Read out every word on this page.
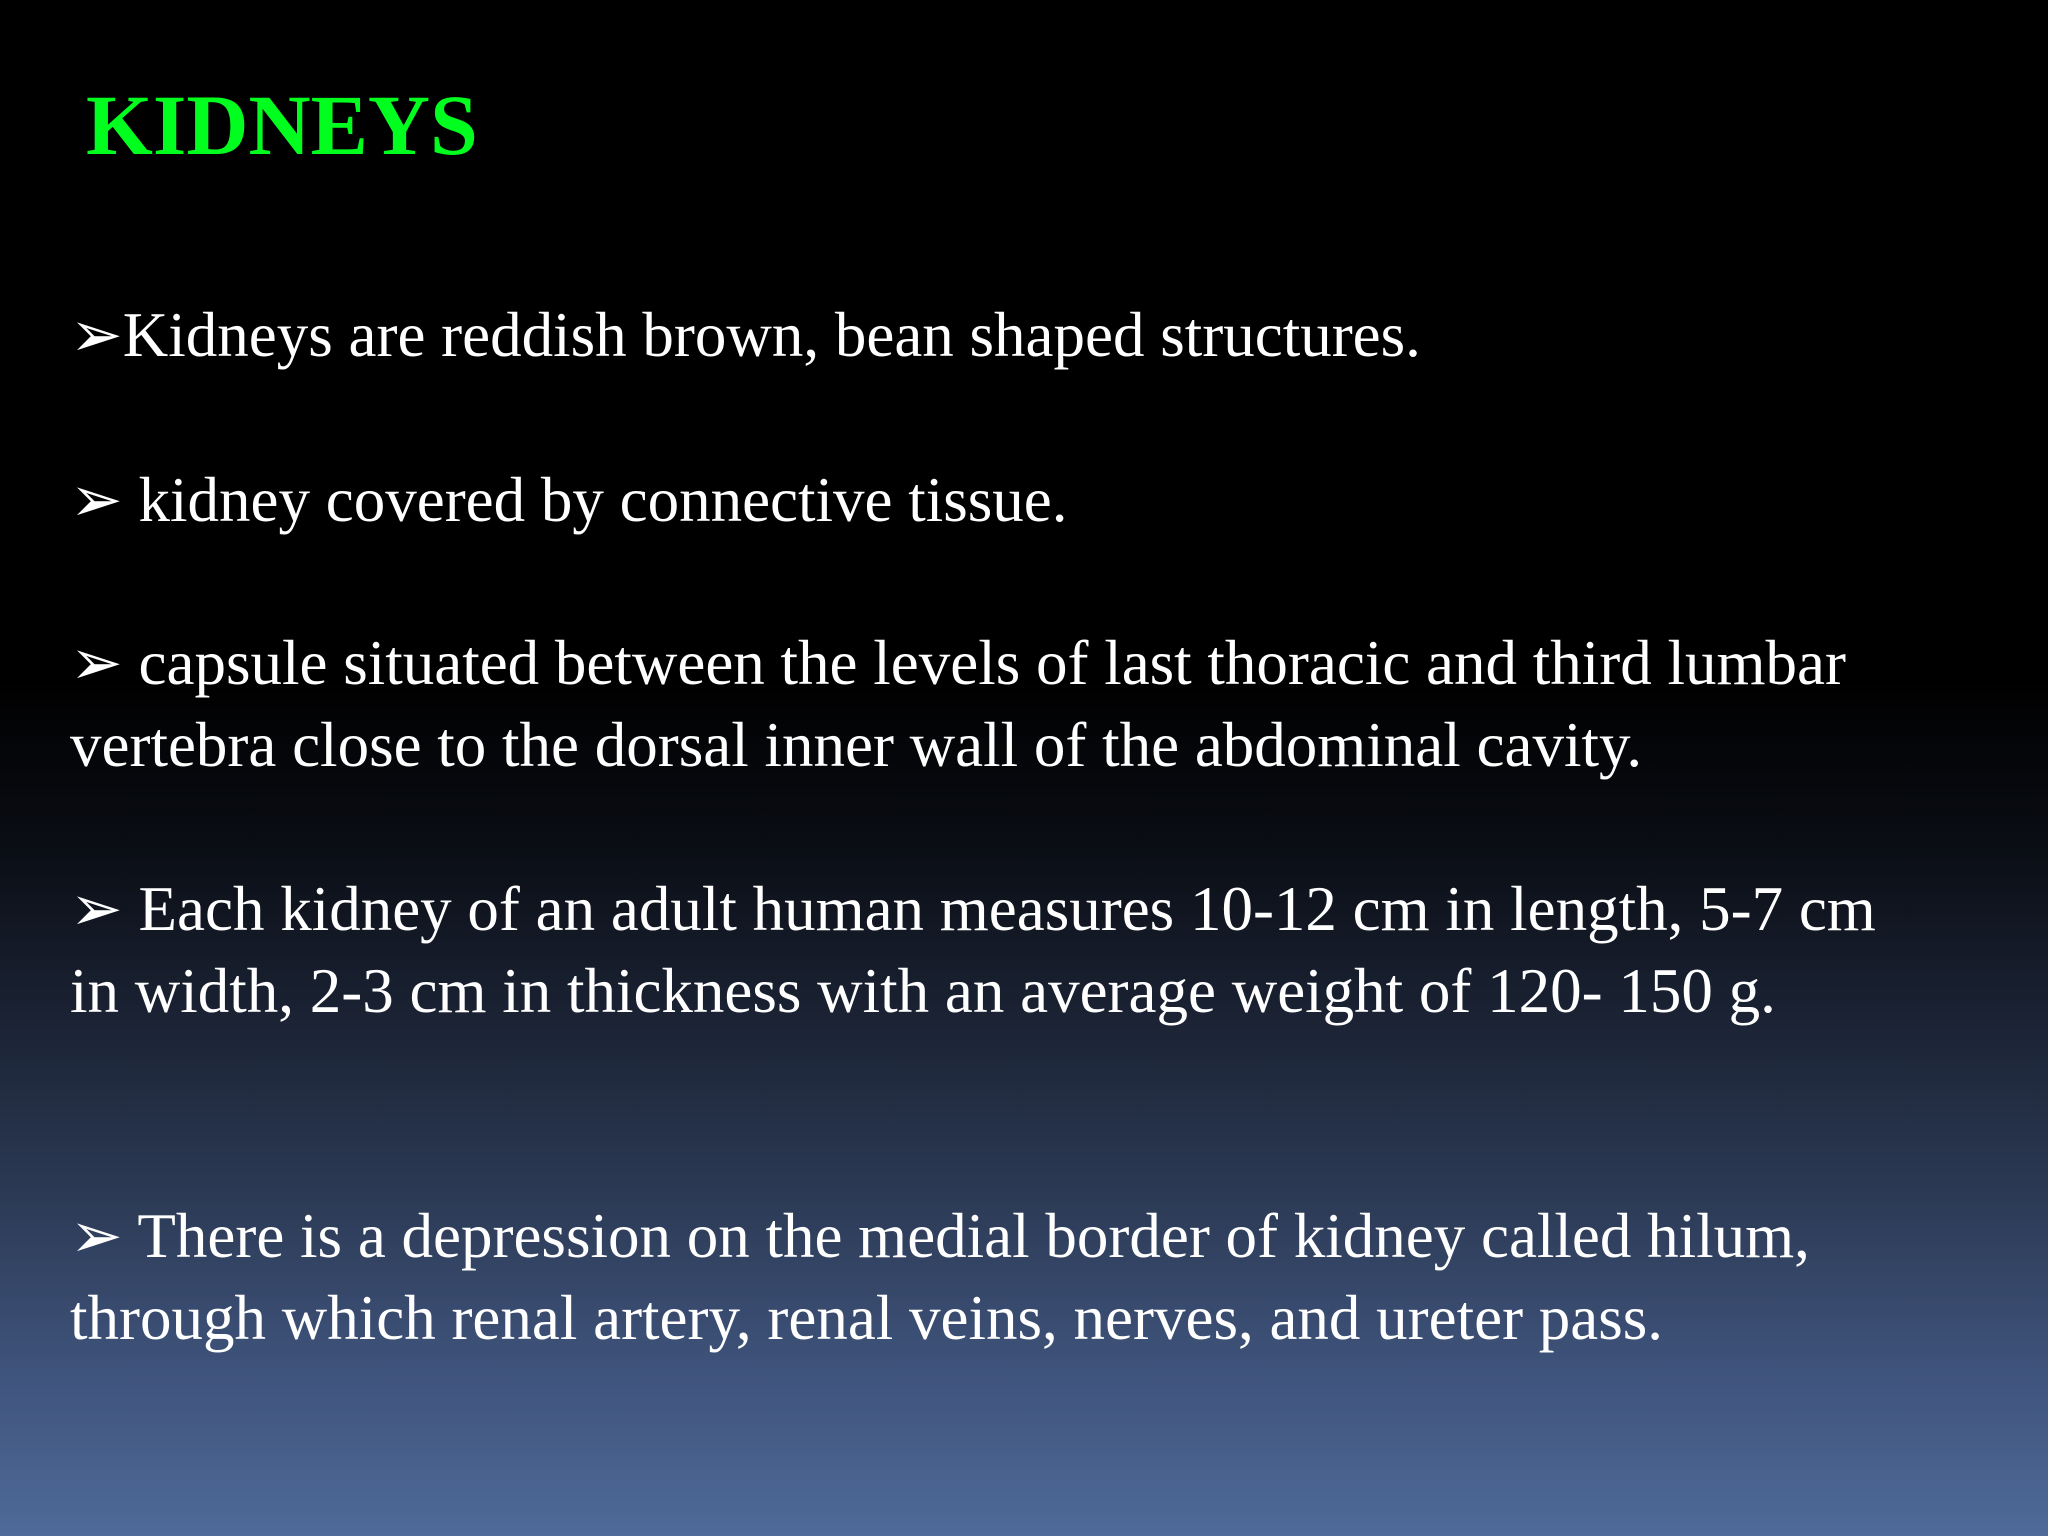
KIDNEYS

➢Kidneys are reddish brown, bean shaped structures.

➢ kidney covered by connective tissue.

➢ capsule situated between the levels of last thoracic and third lumbar
vertebra close to the dorsal inner wall of the abdominal cavity.

➢ Each kidney of an adult human measures 10-12 cm in length, 5-7 cm
in width, 2-3 cm in thickness with an average weight of 120- 150 g.

➢ There is a depression on the medial border of kidney called hilum,
through which renal artery, renal veins, nerves, and ureter pass.
